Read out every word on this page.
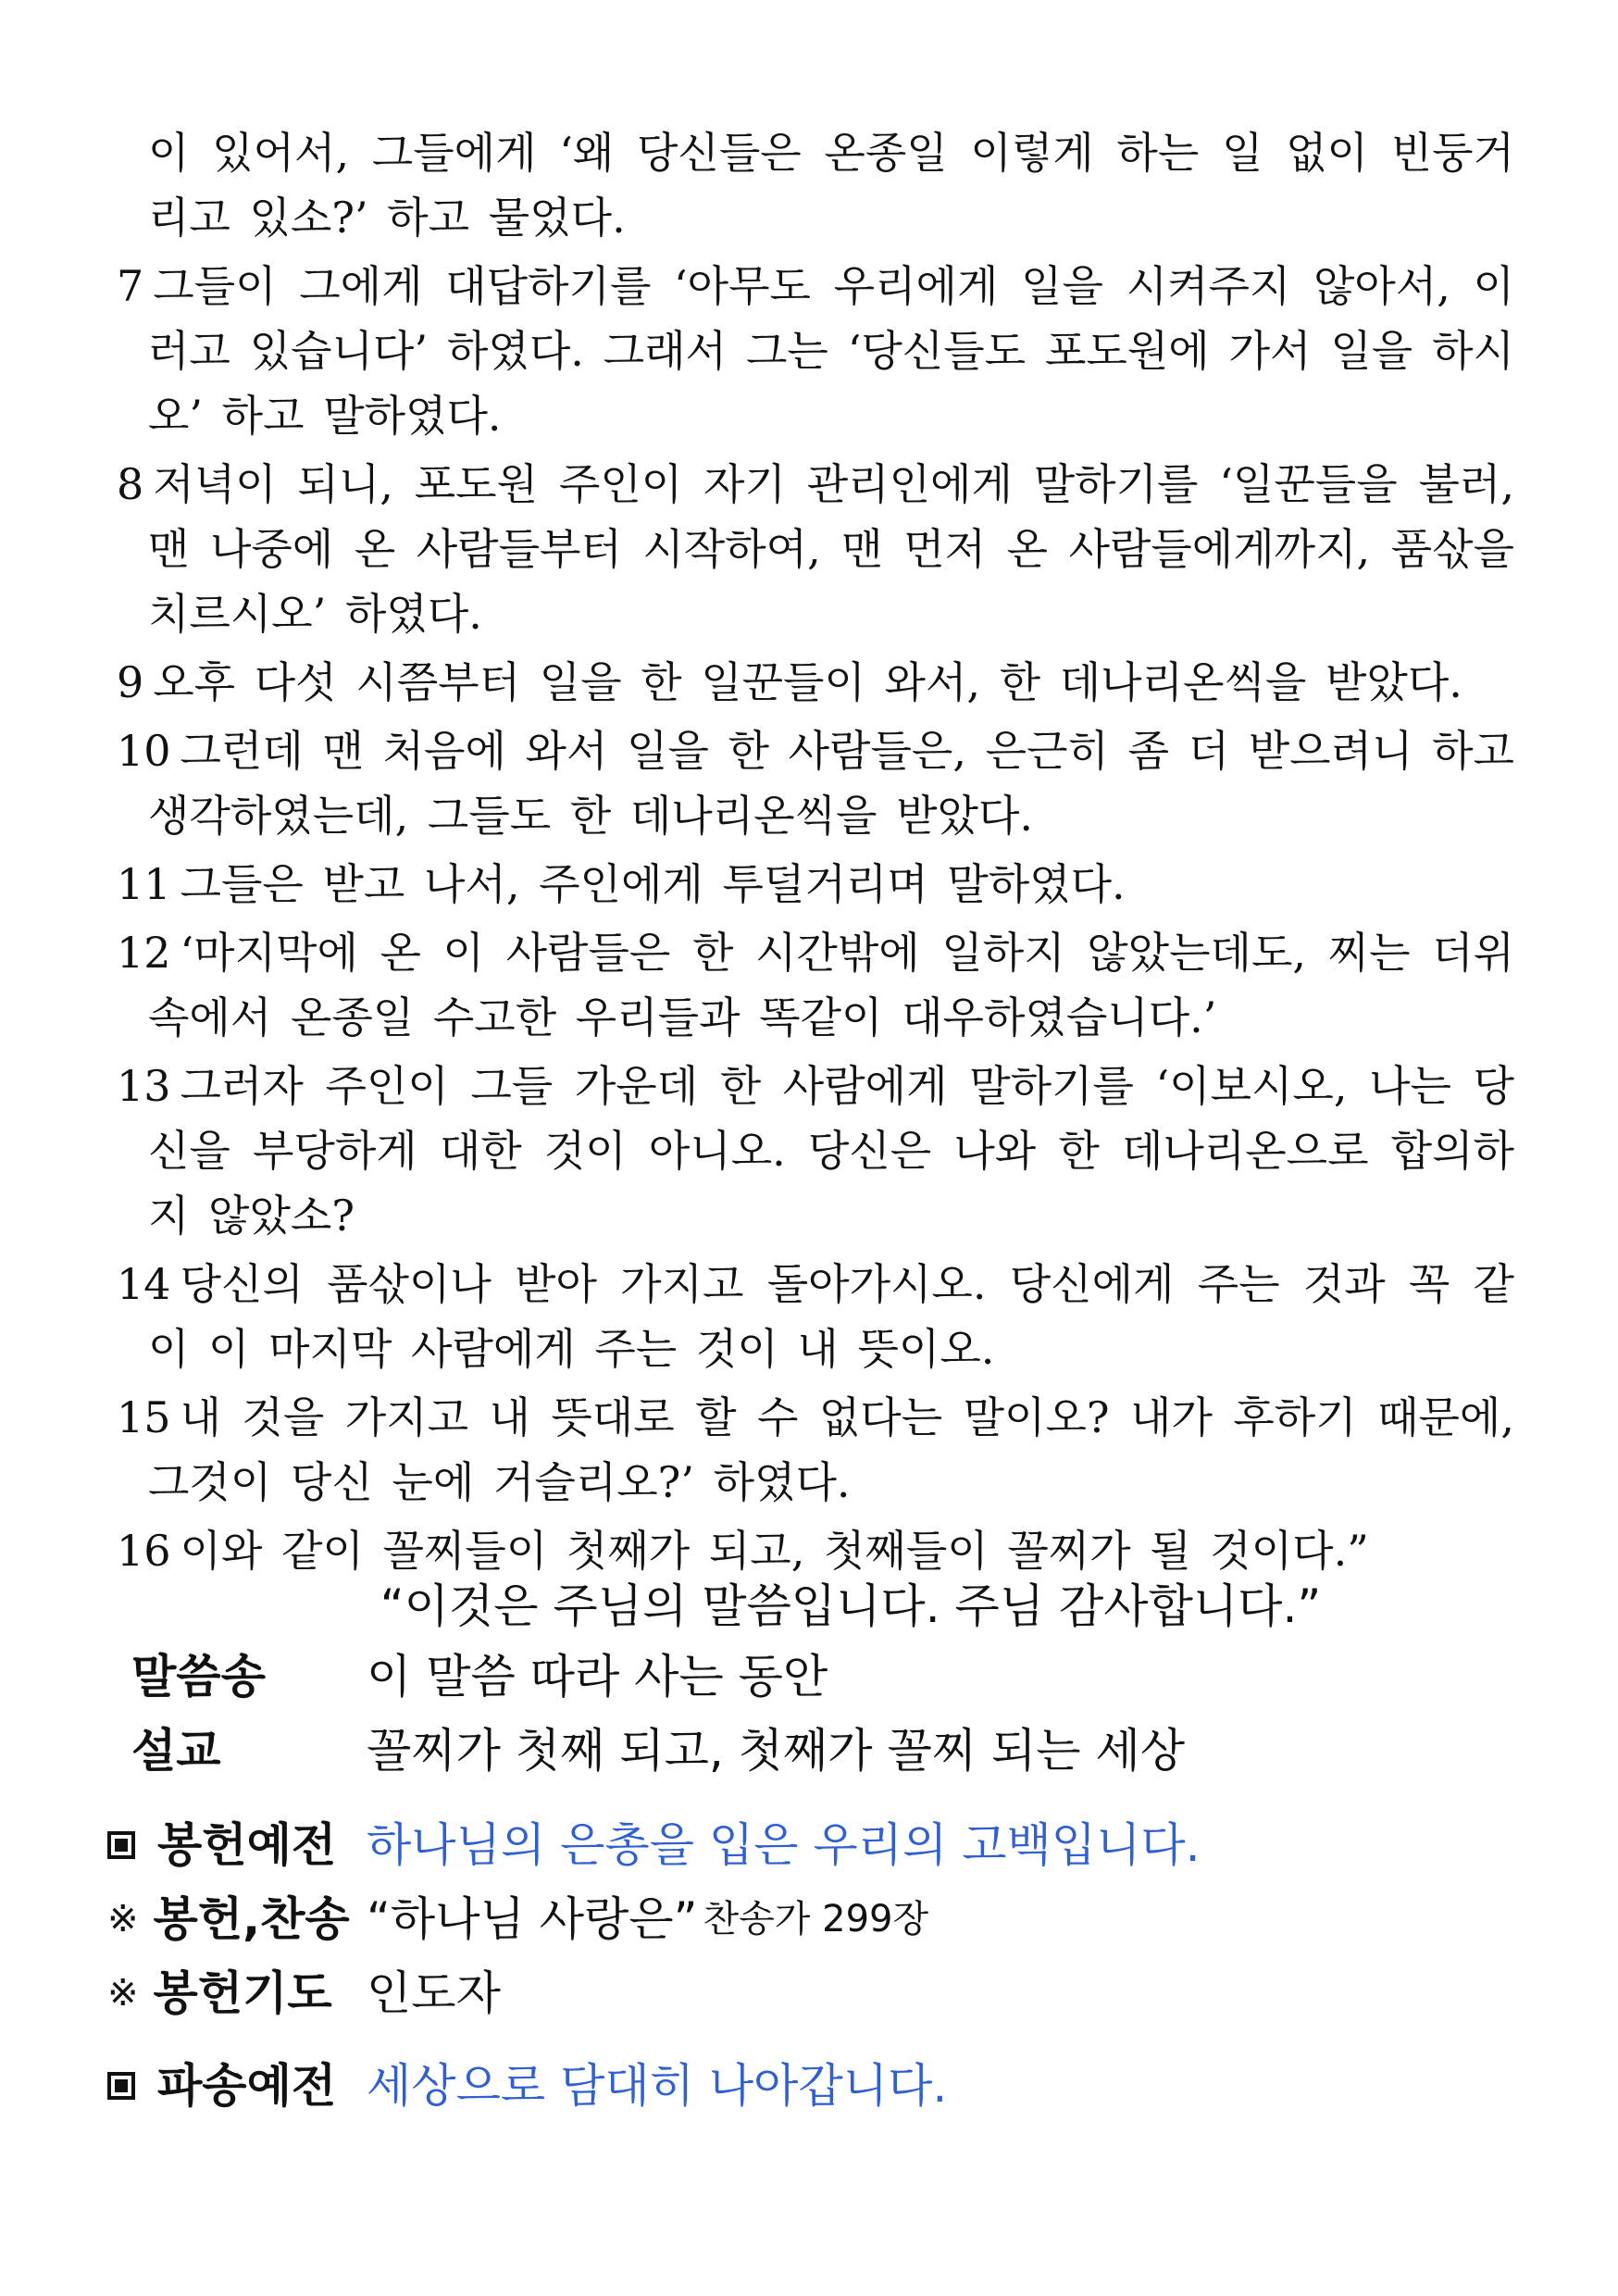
이 있어서, 그들에게 ‘왜 당신들은 온종일 이렇게 하는 일 없이 빈둥거리고 있소?’ 하고 물었다.

7 그들이 그에게 대답하기를 ‘아무도 우리에게 일을 시켜주지 않아서, 이러고 있습니다’ 하였다. 그래서 그는 ‘당신들도 포도원에 가서 일을 하시오’ 하고 말하였다.

8 저녁이 되니, 포도원 주인이 자기 관리인에게 말하기를 ‘일꾼들을 불러, 맨 나중에 온 사람들부터 시작하여, 맨 먼저 온 사람들에게까지, 품삯을 치르시오’ 하였다.

9 오후 다섯 시쯤부터 일을 한 일꾼들이 와서, 한 데나리온씩을 받았다.

10 그런데 맨 처음에 와서 일을 한 사람들은, 은근히 좀 더 받으려니 하고 생각하였는데, 그들도 한 데나리온씩을 받았다.

11 그들은 받고 나서, 주인에게 투덜거리며 말하였다.

12 ‘마지막에 온 이 사람들은 한 시간밖에 일하지 않았는데도, 찌는 더위 속에서 온종일 수고한 우리들과 똑같이 대우하였습니다.’

13 그러자 주인이 그들 가운데 한 사람에게 말하기를 ‘이보시오, 나는 당신을 부당하게 대한 것이 아니오. 당신은 나와 한 데나리온으로 합의하지 않았소?

14 당신의 품삯이나 받아 가지고 돌아가시오. 당신에게 주는 것과 꼭 같이 이 마지막 사람에게 주는 것이 내 뜻이오.

15 내 것을 가지고 내 뜻대로 할 수 없다는 말이오? 내가 후하기 때문에, 그것이 당신 눈에 거슬리오?’ 하였다.

16 이와 같이 꼴찌들이 첫째가 되고, 첫째들이 꼴찌가 될 것이다.”

“이것은 주님의 말씀입니다. 주님 감사합니다.”
말씀송	이 말씀 따라 사는 동안
설교	꼴찌가 첫째 되고, 첫째가 꼴찌 되는 세상
봉헌예전 하나님의 은총을 입은 우리의 고백입니다.
※ 봉헌,찬송 “하나님 사랑은” 찬송가 299장
※ 봉헌기도 인도자
파송예전 세상으로 담대히 나아갑니다.
